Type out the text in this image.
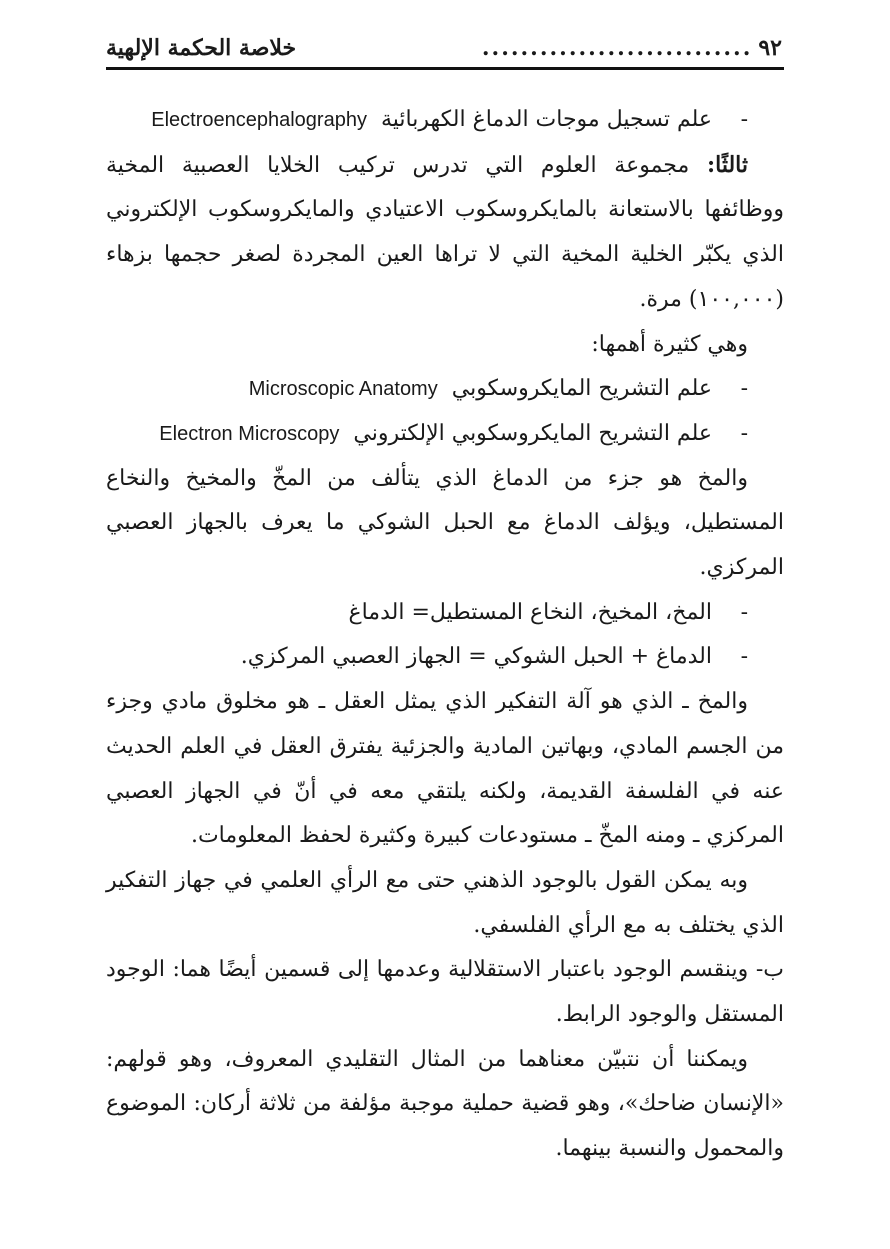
٩٢
............................
خلاصة الحكمة الإلهية
-علم تسجيل موجات الدماغ الكهربائيةElectroencephalography

ثالثًا: مجموعة العلوم التي تدرس تركيب الخلايا العصبية المخية ووظائفها بالاستعانة بالمايكروسكوب الاعتيادي والمايكروسكوب الإلكتروني الذي يكبّر الخلية المخية التي لا تراها العين المجردة لصغر حجمها بزهاء (١٠٠,٠٠٠) مرة.

وهي كثيرة أهمها:

-علم التشريح المايكروسكوبيMicroscopic Anatomy
-علم التشريح المايكروسكوبي الإلكترونيElectron Microscopy

والمخ هو جزء من الدماغ الذي يتألف من المخّ والمخيخ والنخاع المستطيل، ويؤلف الدماغ مع الحبل الشوكي ما يعرف بالجهاز العصبي المركزي.

-المخ، المخيخ، النخاع المستطيل= الدماغ
-الدماغ + الحبل الشوكي = الجهاز العصبي المركزي.

والمخ ـ الذي هو آلة التفكير الذي يمثل العقل ـ هو مخلوق مادي وجزء من الجسم المادي، وبهاتين المادية والجزئية يفترق العقل في العلم الحديث عنه في الفلسفة القديمة، ولكنه يلتقي معه في أنّ في الجهاز العصبي المركزي ـ ومنه المخّ ـ مستودعات كبيرة وكثيرة لحفظ المعلومات.

وبه يمكن القول بالوجود الذهني حتى مع الرأي العلمي في جهاز التفكير الذي يختلف به مع الرأي الفلسفي.

ب- وينقسم الوجود باعتبار الاستقلالية وعدمها إلى قسمين أيضًا هما: الوجود المستقل والوجود الرابط.

ويمكننا أن نتبيّن معناهما من المثال التقليدي المعروف، وهو قولهم: «الإنسان ضاحك»، وهو قضية حملية موجبة مؤلفة من ثلاثة أركان: الموضوع والمحمول والنسبة بينهما.
